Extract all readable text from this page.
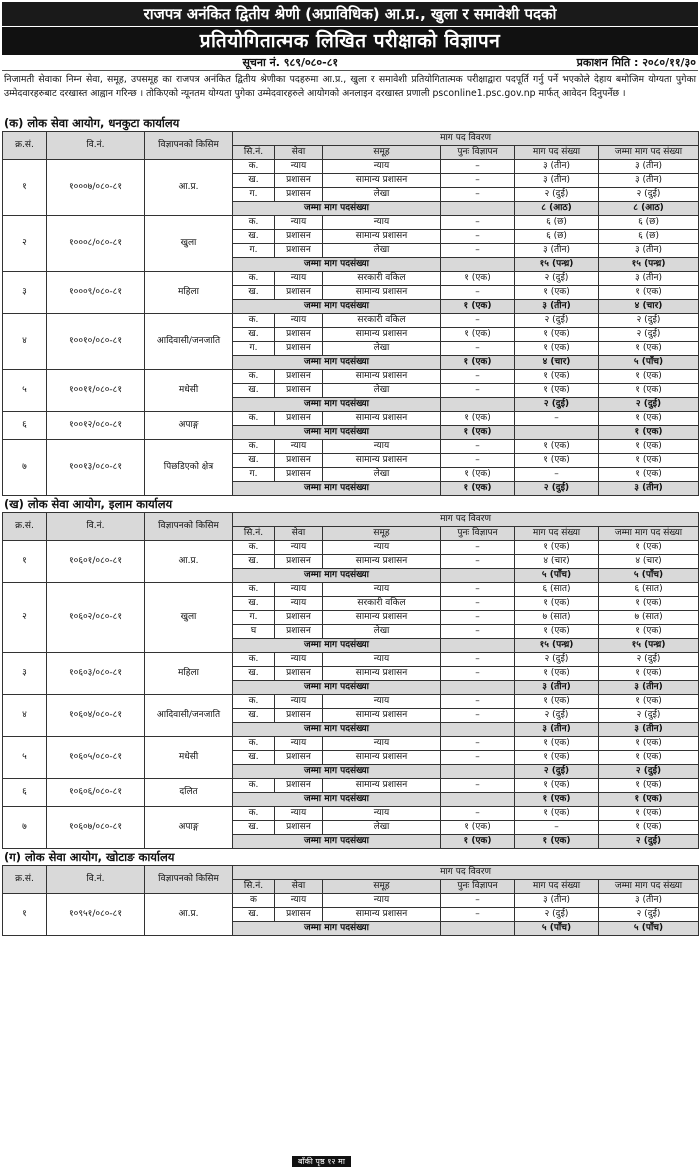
राजपत्र अनंकित द्वितीय श्रेणी (अप्राविधिक) आ.प्र., खुला र समावेशी पदको
प्रतियोगितात्मक लिखित परीक्षाको विज्ञापन
सूचना नं. ९८९/०८०-८१	प्रकाशन मिति : २०८०/११/३०
निजामती सेवाका निम्न सेवा, समूह, उपसमूह का राजपत्र अनंकित द्वितीय श्रेणीका पदहरुमा आ.प्र., खुला र समावेशी प्रतियोगितात्मक परीक्षाद्वारा पदपूर्ति गर्नु पर्ने भएकोले देहाय बमोजिम योग्यता पुगेका उम्मेदवारहरुबाट दरखास्त आह्वान गरिन्छ । तोकिएको न्यूनतम योग्यता पुगेका उम्मेदवारहरुले आयोगको अनलाइन दरखास्त प्रणाली psconline1.psc.gov.np मार्फत् आवेदन दिनुपर्नेछ ।
(क) लोक सेवा आयोग, धनकुटा कार्यालय
क्र.सं.	वि.नं.	विज्ञापनको किसिम	माग पद विवरण					
			सि.नं.	सेवा	समूह	पुनः विज्ञापन	माग पद संख्या	जम्मा माग पद संख्या
१	१०००७/०८०-८१	आ.प्र.	क.	न्याय	न्याय	–	३ (तीन)	३ (तीन)
			ख.	प्रशासन	सामान्य प्रशासन	–	३ (तीन)	३ (तीन)
			ग.	प्रशासन	लेखा	–	२ (दुई)	२ (दुई)
			जम्मा माग पदसंख्या				८ (आठ)	८ (आठ)
२	१०००८/०८०-८१	खुला	क.	न्याय	न्याय	–	६ (छ)	६ (छ)
			ख.	प्रशासन	सामान्य प्रशासन	–	६ (छ)	६ (छ)
			ग.	प्रशासन	लेखा	–	३ (तीन)	३ (तीन)
			जम्मा माग पदसंख्या				१५ (पन्ध्र)	१५ (पन्ध्र)
३	१०००९/०८०-८१	महिला	क.	न्याय	सरकारी वकिल	१ (एक)	२ (दुई)	३ (तीन)
			ख.	प्रशासन	सामान्य प्रशासन	–	१ (एक)	१ (एक)
			जम्मा माग पदसंख्या			१ (एक)	३ (तीन)	४ (चार)
४	१००१०/०८०-८१	आदिवासी/जनजाति	क.	न्याय	सरकारी वकिल	–	२ (दुई)	२ (दुई)
			ख.	प्रशासन	सामान्य प्रशासन	१ (एक)	१ (एक)	२ (दुई)
			ग.	प्रशासन	लेखा	–	१ (एक)	१ (एक)
			जम्मा माग पदसंख्या			१ (एक)	४ (चार)	५ (पाँच)
५	१००११/०८०-८१	मधेसी	क.	प्रशासन	सामान्य प्रशासन	–	१ (एक)	१ (एक)
			ख.	प्रशासन	लेखा	–	१ (एक)	१ (एक)
			जम्मा माग पदसंख्या				२ (दुई)	२ (दुई)
६	१००१२/०८०-८१	अपाङ्ग	क.	प्रशासन	सामान्य प्रशासन	१ (एक)	–	१ (एक)
			जम्मा माग पदसंख्या			१ (एक)		१ (एक)
७	१००१३/०८०-८१	पिछडिएको क्षेत्र	क.	न्याय	न्याय	–	१ (एक)	१ (एक)
			ख.	प्रशासन	सामान्य प्रशासन	–	१ (एक)	१ (एक)
			ग.	प्रशासन	लेखा	१ (एक)	–	१ (एक)
			जम्मा माग पदसंख्या			१ (एक)	२ (दुई)	३ (तीन)
(ख) लोक सेवा आयोग, इलाम कार्यालय
क्र.सं.	वि.नं.	विज्ञापनको किसिम	माग पद विवरण					
			सि.नं.	सेवा	समूह	पुनः विज्ञापन	माग पद संख्या	जम्मा माग पद संख्या
१	१०६०१/०८०-८१	आ.प्र.	क.	न्याय	न्याय	–	१ (एक)	१ (एक)
			ख.	प्रशासन	सामान्य प्रशासन	–	४ (चार)	४ (चार)
			जम्मा माग पदसंख्या				५ (पाँच)	५ (पाँच)
२	१०६०२/०८०-८१	खुला	क.	न्याय	न्याय	–	६ (सात)	६ (सात)
			ख.	न्याय	सरकारी वकिल	–	१ (एक)	१ (एक)
			ग.	प्रशासन	सामान्य प्रशासन	–	७ (सात)	७ (सात)
			घ	प्रशासन	लेखा	–	१ (एक)	१ (एक)
			जम्मा माग पदसंख्या				१५ (पन्ध्र)	१५ (पन्ध्र)
३	१०६०३/०८०-८१	महिला	क.	न्याय	न्याय	–	२ (दुई)	२ (दुई)
			ख.	प्रशासन	सामान्य प्रशासन	–	१ (एक)	१ (एक)
			जम्मा माग पदसंख्या				३ (तीन)	३ (तीन)
४	१०६०४/०८०-८१	आदिवासी/जनजाति	क.	न्याय	न्याय	–	१ (एक)	१ (एक)
			ख.	प्रशासन	सामान्य प्रशासन	–	२ (दुई)	२ (दुई)
			जम्मा माग पदसंख्या				३ (तीन)	३ (तीन)
५	१०६०५/०८०-८१	मधेसी	क.	न्याय	न्याय	–	१ (एक)	१ (एक)
			ख.	प्रशासन	सामान्य प्रशासन	–	१ (एक)	१ (एक)
			जम्मा माग पदसंख्या				२ (दुई)	२ (दुई)
६	१०६०६/०८०-८१	दलित	क.	प्रशासन	सामान्य प्रशासन	–	१ (एक)	१ (एक)
			जम्मा माग पदसंख्या				१ (एक)	१ (एक)
७	१०६०७/०८०-८१	अपाङ्ग	क.	न्याय	न्याय	–	१ (एक)	१ (एक)
			ख.	प्रशासन	लेखा	१ (एक)	–	१ (एक)
			जम्मा माग पदसंख्या			१ (एक)	१ (एक)	२ (दुई)
(ग) लोक सेवा आयोग, खोटाङ कार्यालय
क्र.सं.	वि.नं.	विज्ञापनको किसिम	माग पद विवरण					
			सि.नं.	सेवा	समूह	पुनः विज्ञापन	माग पद संख्या	जम्मा माग पद संख्या
१	१०९५१/०८०-८१	आ.प्र.	क	न्याय	न्याय	–	३ (तीन)	३ (तीन)
			ख.	प्रशासन	सामान्य प्रशासन	–	२ (दुई)	२ (दुई)
			जम्मा माग पदसंख्या				५ (पाँच)	५ (पाँच)
बाँकी पृष्ठ १२ मा
